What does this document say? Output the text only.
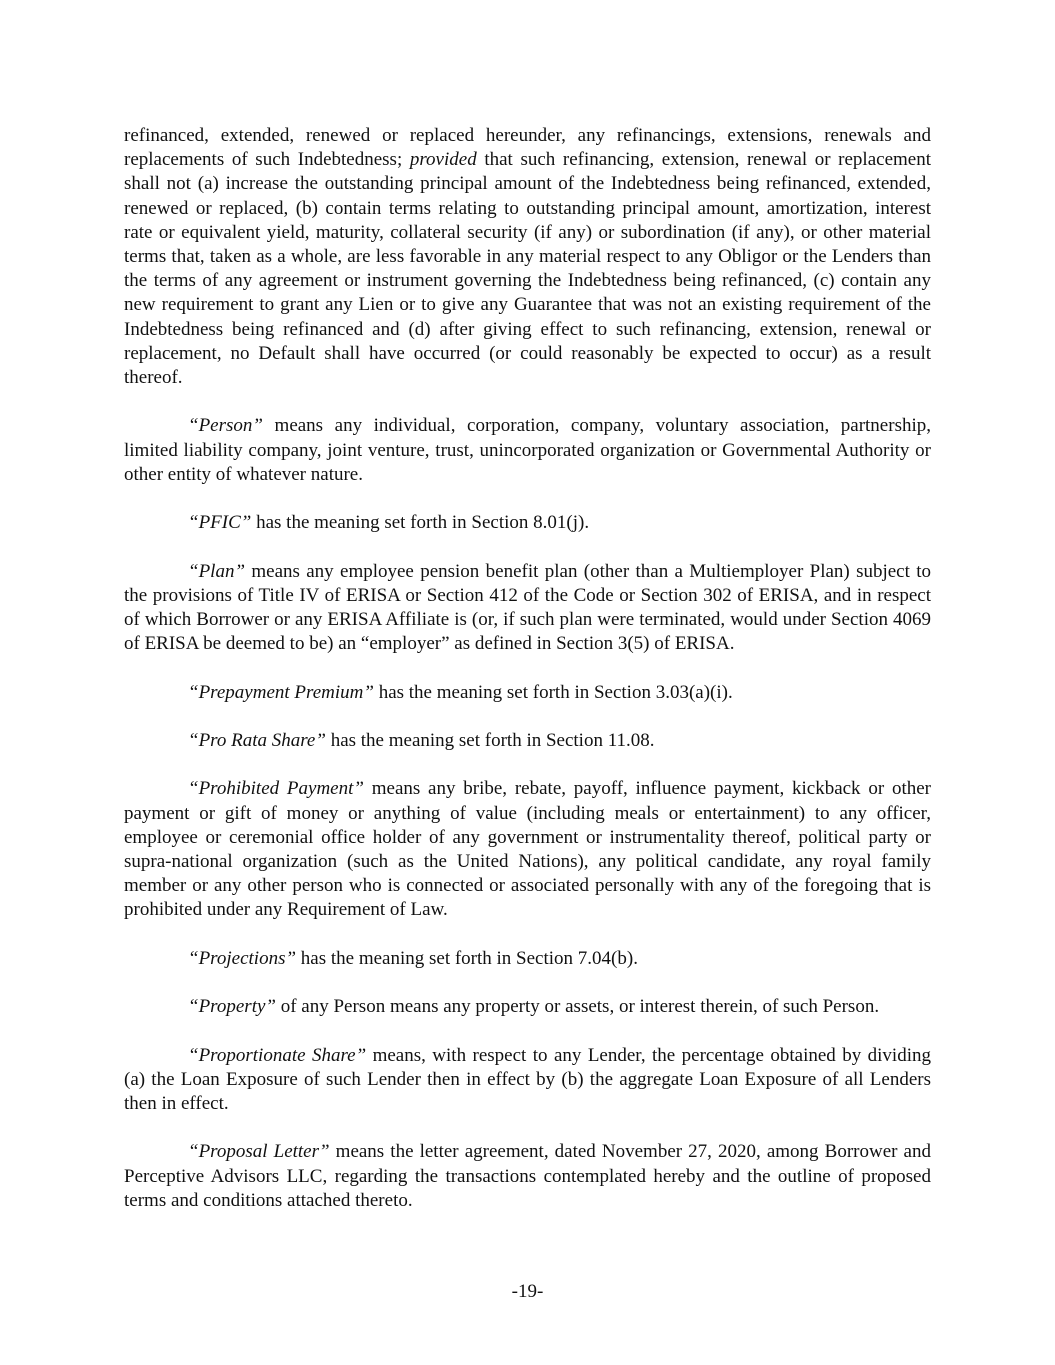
refinanced, extended, renewed or replaced hereunder, any refinancings, extensions, renewals and replacements of such Indebtedness; provided that such refinancing, extension, renewal or replacement shall not (a) increase the outstanding principal amount of the Indebtedness being refinanced, extended, renewed or replaced, (b) contain terms relating to outstanding principal amount, amortization, interest rate or equivalent yield, maturity, collateral security (if any) or subordination (if any), or other material terms that, taken as a whole, are less favorable in any material respect to any Obligor or the Lenders than the terms of any agreement or instrument governing the Indebtedness being refinanced, (c) contain any new requirement to grant any Lien or to give any Guarantee that was not an existing requirement of the Indebtedness being refinanced and (d) after giving effect to such refinancing, extension, renewal or replacement, no Default shall have occurred (or could reasonably be expected to occur) as a result thereof.

“Person” means any individual, corporation, company, voluntary association, partnership, limited liability company, joint venture, trust, unincorporated organization or Governmental Authority or other entity of whatever nature.

“PFIC” has the meaning set forth in Section 8.01(j).

“Plan” means any employee pension benefit plan (other than a Multiemployer Plan) subject to the provisions of Title IV of ERISA or Section 412 of the Code or Section 302 of ERISA, and in respect of which Borrower or any ERISA Affiliate is (or, if such plan were terminated, would under Section 4069 of ERISA be deemed to be) an “employer” as defined in Section 3(5) of ERISA.

“Prepayment Premium” has the meaning set forth in Section 3.03(a)(i).

“Pro Rata Share” has the meaning set forth in Section 11.08.

“Prohibited Payment” means any bribe, rebate, payoff, influence payment, kickback or other payment or gift of money or anything of value (including meals or entertainment) to any officer, employee or ceremonial office holder of any government or instrumentality thereof, political party or supra-national organization (such as the United Nations), any political candidate, any royal family member or any other person who is connected or associated personally with any of the foregoing that is prohibited under any Requirement of Law.

“Projections” has the meaning set forth in Section 7.04(b).

“Property” of any Person means any property or assets, or interest therein, of such Person.

“Proportionate Share” means, with respect to any Lender, the percentage obtained by dividing (a) the Loan Exposure of such Lender then in effect by (b) the aggregate Loan Exposure of all Lenders then in effect.

“Proposal Letter” means the letter agreement, dated November 27, 2020, among Borrower and Perceptive Advisors LLC, regarding the transactions contemplated hereby and the outline of proposed terms and conditions attached thereto.

-19-
